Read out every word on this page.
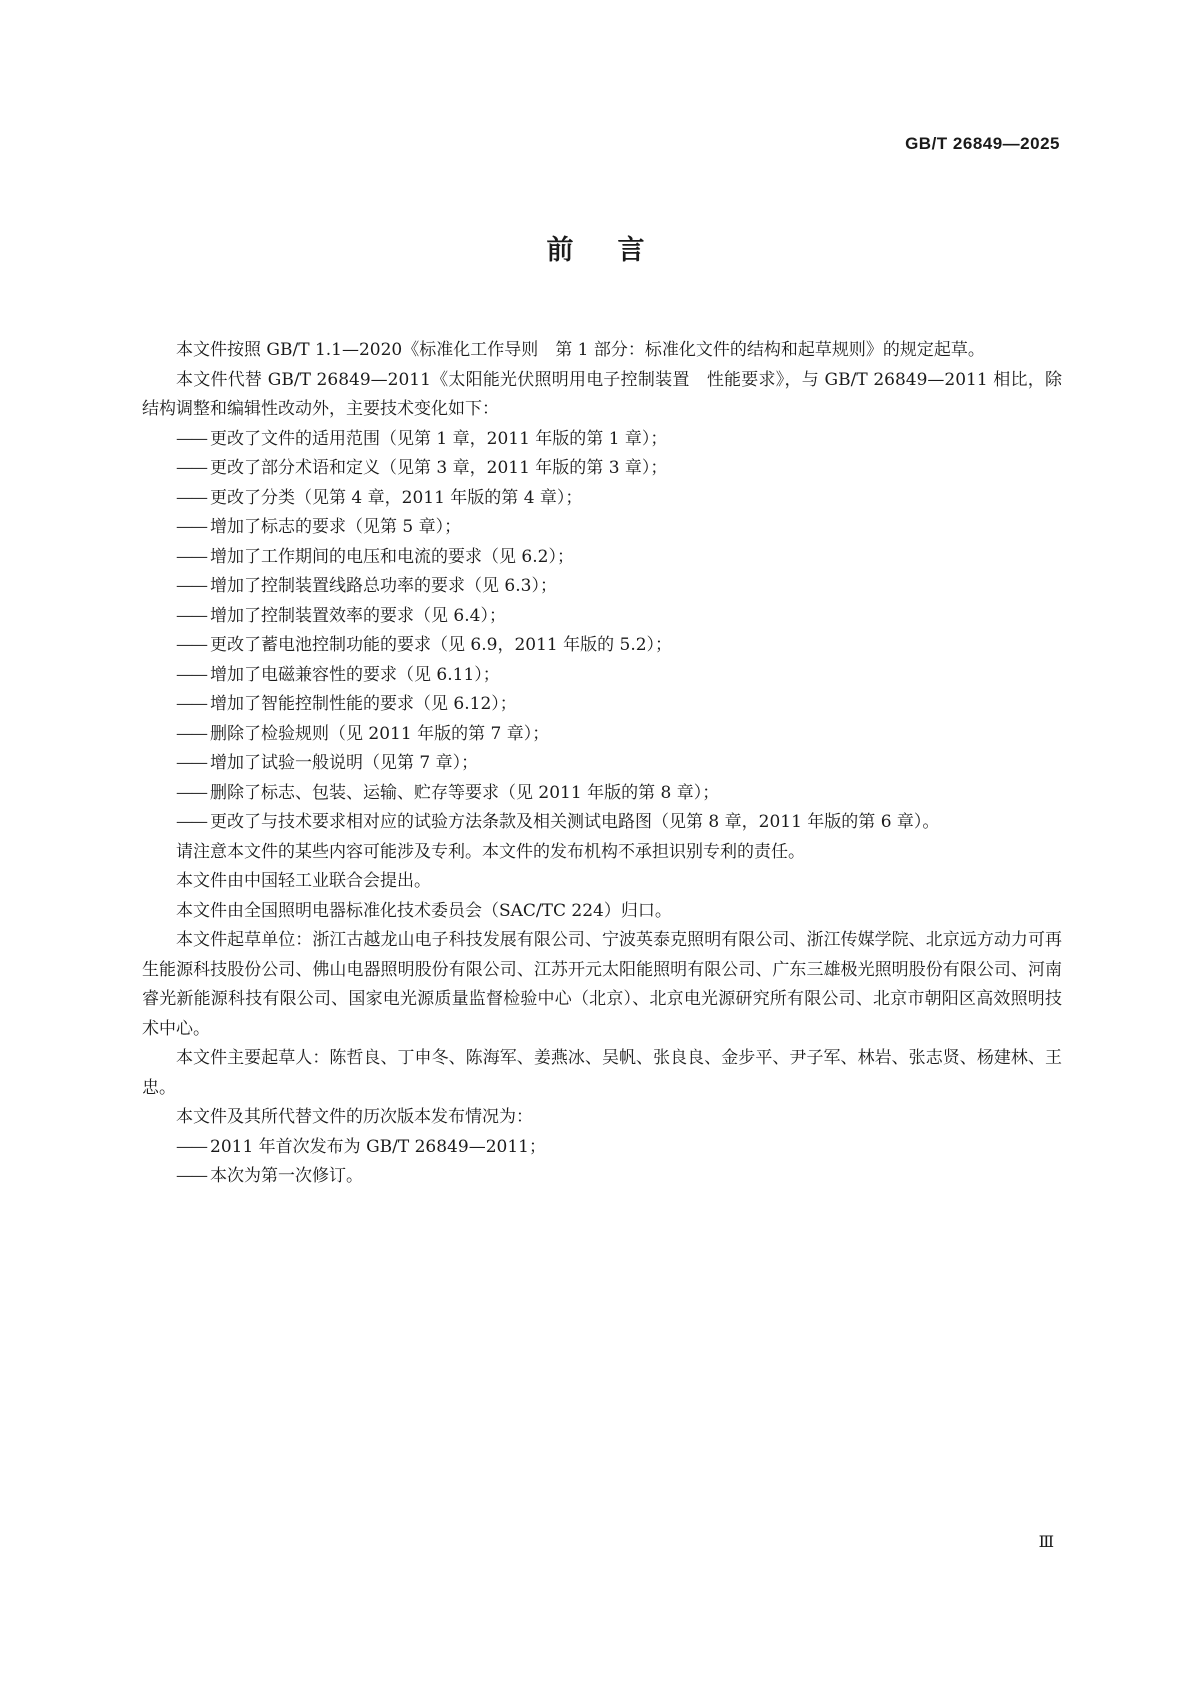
GB/T 26849—2025
前言

本文件按照 GB/T 1.1—2020《标准化工作导则　第 1 部分：标准化文件的结构和起草规则》的规定起草。

本文件代替 GB/T 26849—2011《太阳能光伏照明用电子控制装置　性能要求》，与 GB/T 26849—2011 相比，除结构调整和编辑性改动外，主要技术变化如下：

—— 更改了文件的适用范围（见第 1 章，2011 年版的第 1 章）；

—— 更改了部分术语和定义（见第 3 章，2011 年版的第 3 章）；

—— 更改了分类（见第 4 章，2011 年版的第 4 章）；

—— 增加了标志的要求（见第 5 章）；

—— 增加了工作期间的电压和电流的要求（见 6.2）；

—— 增加了控制装置线路总功率的要求（见 6.3）；

—— 增加了控制装置效率的要求（见 6.4）；

—— 更改了蓄电池控制功能的要求（见 6.9，2011 年版的 5.2）；

—— 增加了电磁兼容性的要求（见 6.11）；

—— 增加了智能控制性能的要求（见 6.12）；

—— 删除了检验规则（见 2011 年版的第 7 章）；

—— 增加了试验一般说明（见第 7 章）；

—— 删除了标志、包装、运输、贮存等要求（见 2011 年版的第 8 章）；

—— 更改了与技术要求相对应的试验方法条款及相关测试电路图（见第 8 章，2011 年版的第 6 章）。

请注意本文件的某些内容可能涉及专利。本文件的发布机构不承担识别专利的责任。

本文件由中国轻工业联合会提出。

本文件由全国照明电器标准化技术委员会（SAC/TC 224）归口。

本文件起草单位：浙江古越龙山电子科技发展有限公司、宁波英泰克照明有限公司、浙江传媒学院、北京远方动力可再生能源科技股份公司、佛山电器照明股份有限公司、江苏开元太阳能照明有限公司、广东三雄极光照明股份有限公司、河南睿光新能源科技有限公司、国家电光源质量监督检验中心（北京）、北京电光源研究所有限公司、北京市朝阳区高效照明技术中心。

本文件主要起草人：陈哲良、丁申冬、陈海军、姜燕冰、吴帆、张良良、金步平、尹子军、林岩、张志贤、杨建林、王忠。

本文件及其所代替文件的历次版本发布情况为：

—— 2011 年首次发布为 GB/T 26849—2011；

—— 本次为第一次修订。

Ⅲ
